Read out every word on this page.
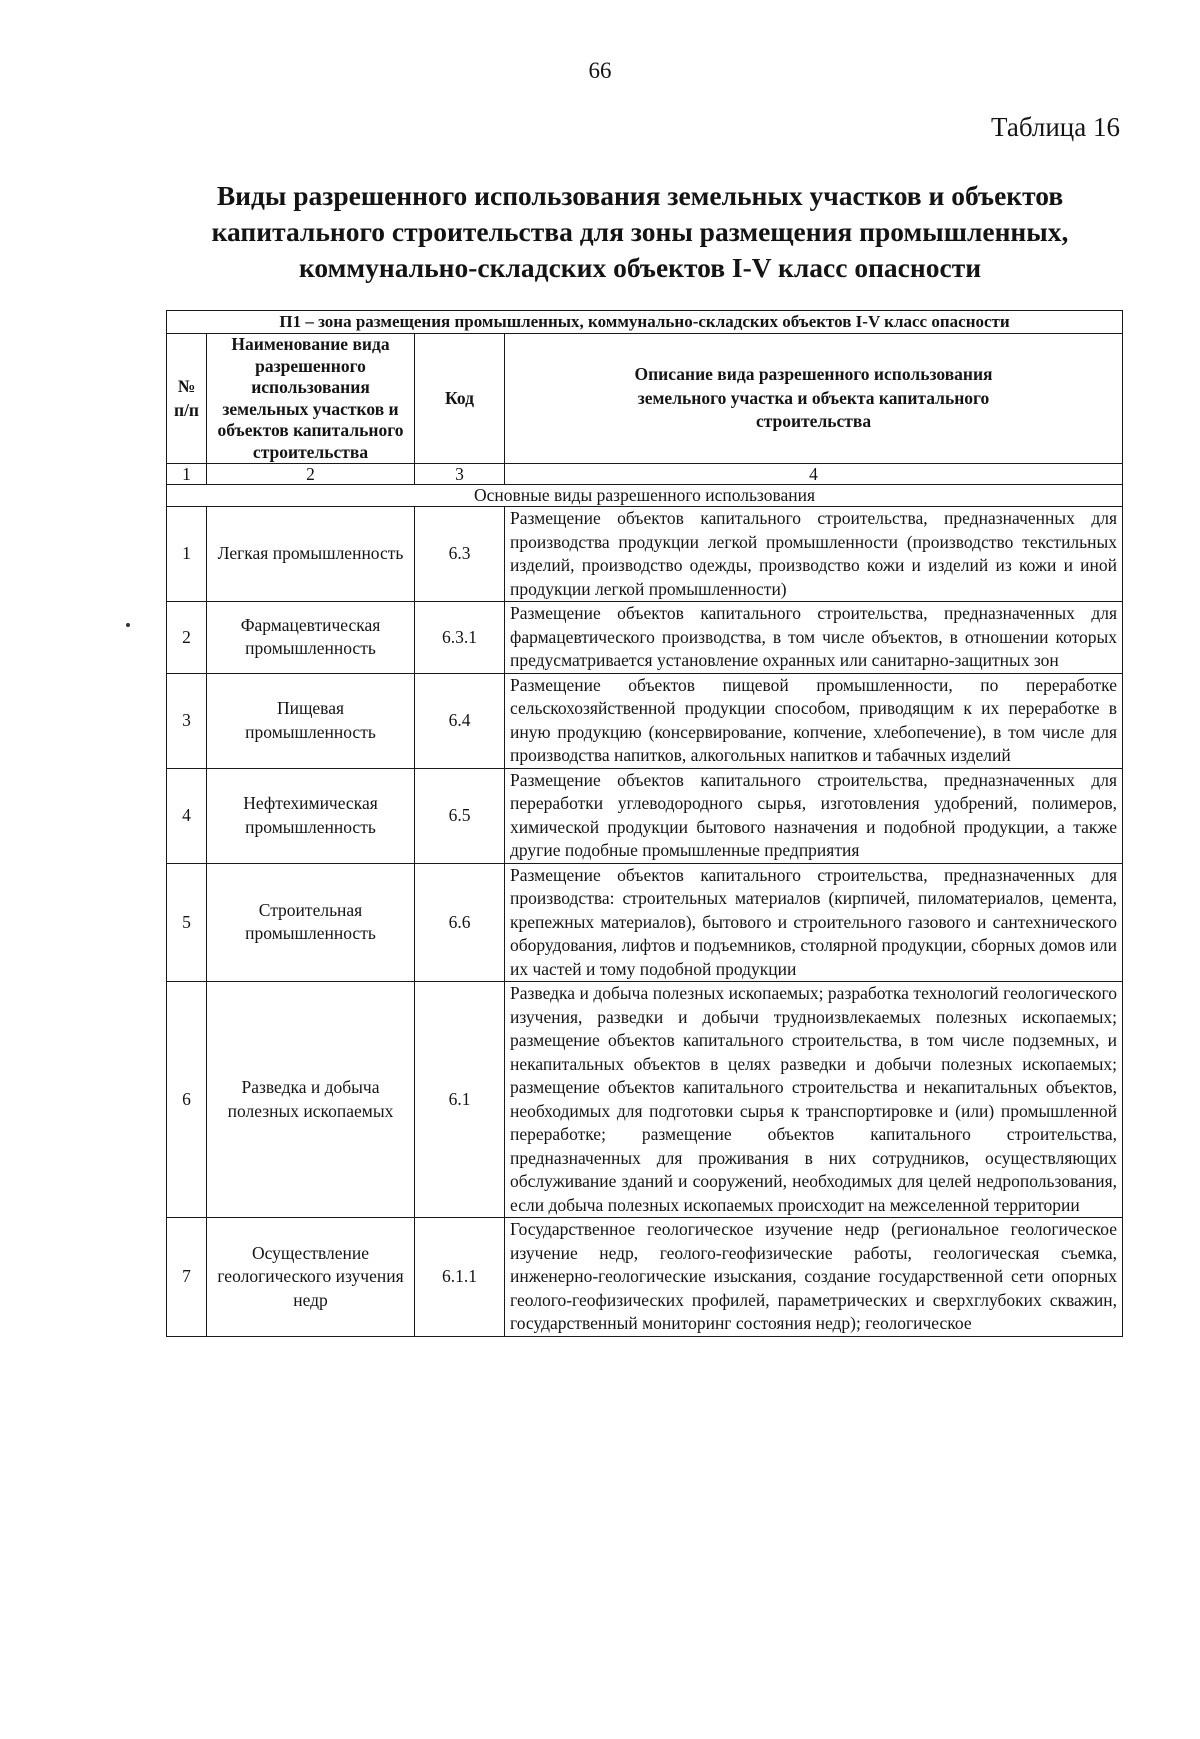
66
Таблица 16
Виды разрешенного использования земельных участков и объектов
капитального строительства для зоны размещения промышленных,
коммунально-складских объектов I-V класс опасности
П1 – зона размещения промышленных, коммунально-складских объектов I-V класс опасности			
№ п/п	Наименование вида разрешенного использования земельных участков и объектов капитального строительства	Код	Описание вида разрешенного использования земельного участка и объекта капитального строительства
1	2	3	4
Основные виды разрешенного использования			
1	Легкая промышленность	6.3	Размещение объектов капитального строительства, предназначенных для производства продукции легкой промышленности (производство текстильных изделий, производство одежды, производство кожи и изделий из кожи и иной продукции легкой промышленности)
2	Фармацевтическая промышленность	6.3.1	Размещение объектов капитального строительства, предназначенных для фармацевтического производства, в том числе объектов, в отношении которых предусматривается установление охранных или санитарно-защитных зон
3	Пищевая промышленность	6.4	Размещение объектов пищевой промышленности, по переработке сельскохозяйственной продукции способом, приводящим к их переработке в иную продукцию (консервирование, копчение, хлебопечение), в том числе для производства напитков, алкогольных напитков и табачных изделий
4	Нефтехимическая промышленность	6.5	Размещение объектов капитального строительства, предназначенных для переработки углеводородного сырья, изготовления удобрений, полимеров, химической продукции бытового назначения и подобной продукции, а также другие подобные промышленные предприятия
5	Строительная промышленность	6.6	Размещение объектов капитального строительства, предназначенных для производства: строительных материалов (кирпичей, пиломатериалов, цемента, крепежных материалов), бытового и строительного газового и сантехнического оборудования, лифтов и подъемников, столярной продукции, сборных домов или их частей и тому подобной продукции
6	Разведка и добыча полезных ископаемых	6.1	Разведка и добыча полезных ископаемых; разработка технологий геологического изучения, разведки и добычи трудноизвлекаемых полезных ископаемых; размещение объектов капитального строительства, в том числе подземных, и некапитальных объектов в целях разведки и добычи полезных ископаемых; размещение объектов капитального строительства и некапитальных объектов, необходимых для подготовки сырья к транспортировке и (или) промышленной переработке; размещение объектов капитального строительства, предназначенных для проживания в них сотрудников, осуществляющих обслуживание зданий и сооружений, необходимых для целей недропользования, если добыча полезных ископаемых происходит на межселенной территории
7	Осуществление геологического изучения недр	6.1.1	Государственное геологическое изучение недр (региональное геологическое изучение недр, геолого-геофизические работы, геологическая съемка, инженерно-геологические изыскания, создание государственной сети опорных геолого-геофизических профилей, параметрических и сверхглубоких скважин, государственный мониторинг состояния недр); геологическое
